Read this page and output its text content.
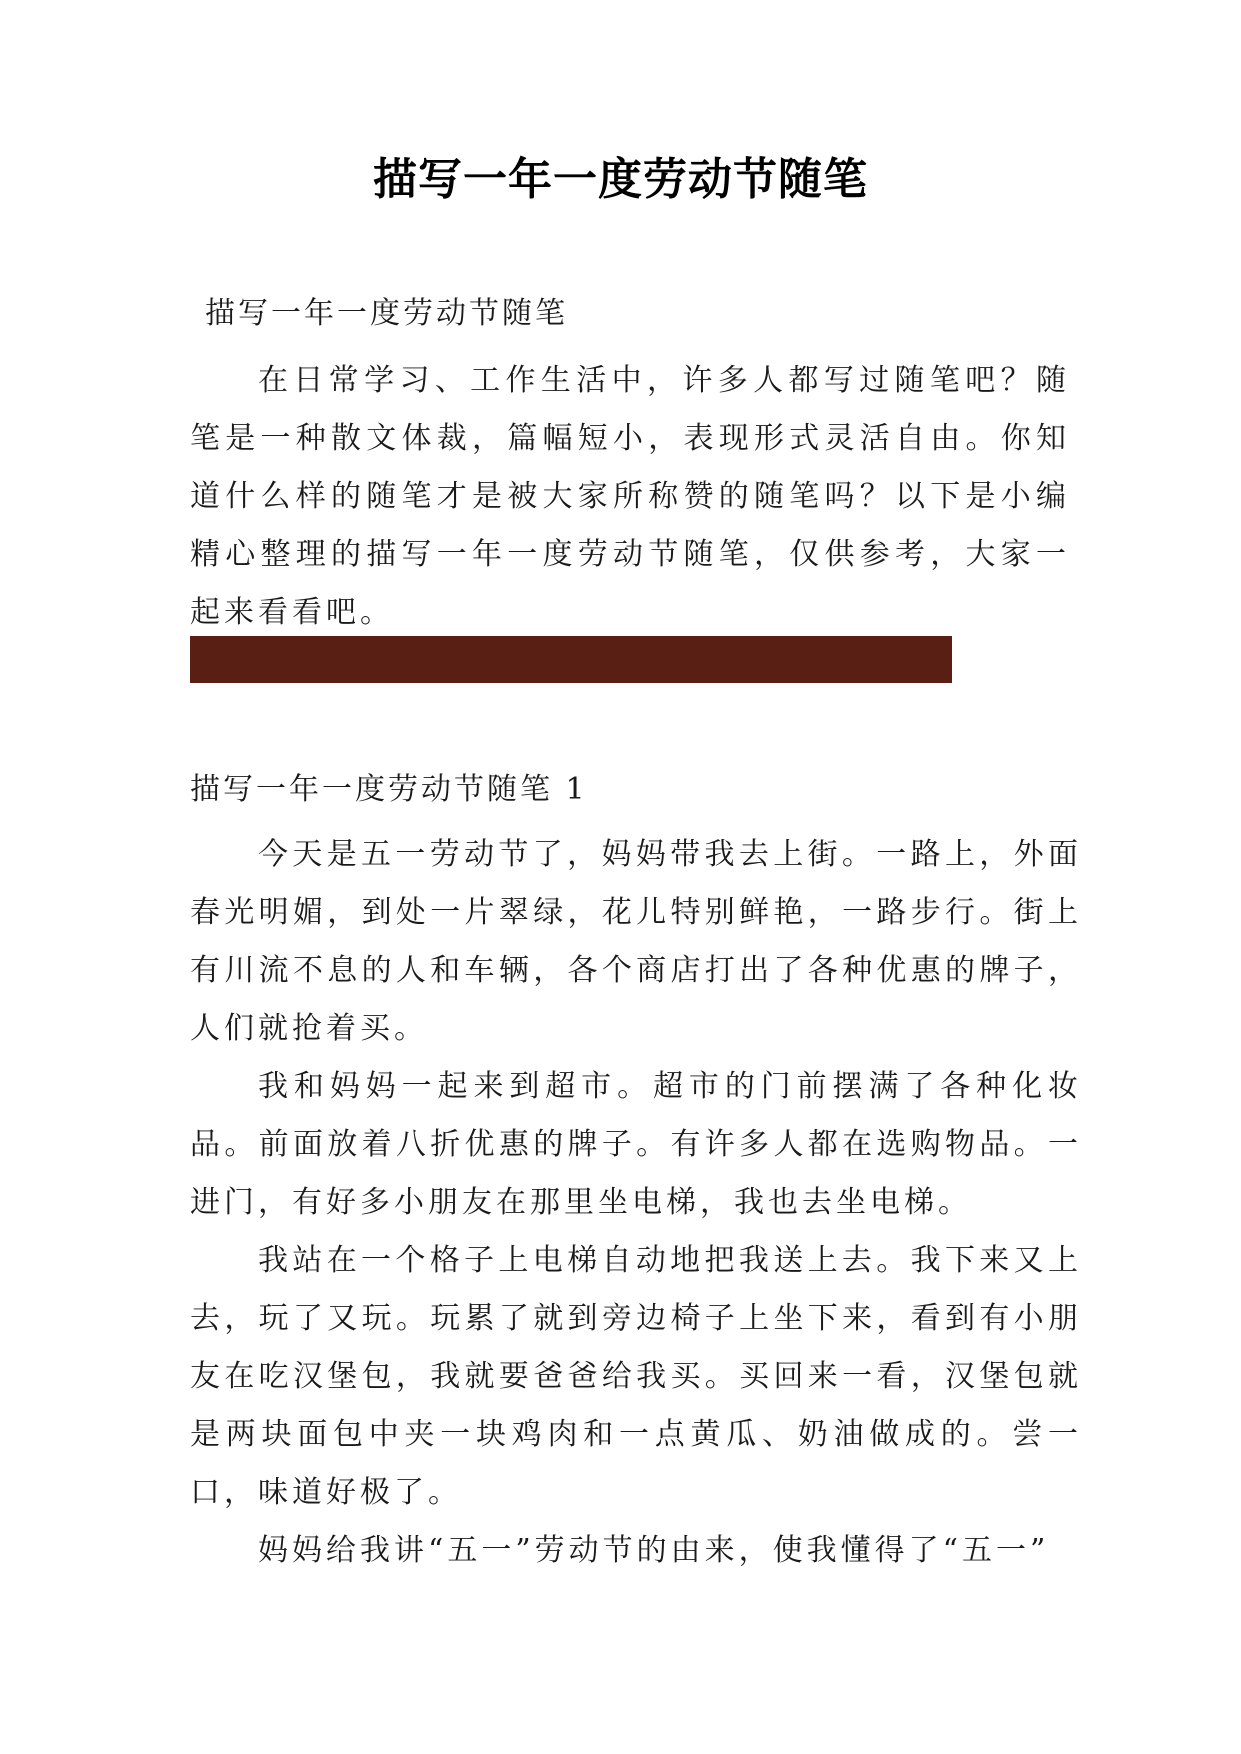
描写一年一度劳动节随笔

描写一年一度劳动节随笔

在日常学习、工作生活中，许多人都写过随笔吧？随笔是一种散文体裁，篇幅短小，表现形式灵活自由。你知道什么样的随笔才是被大家所称赞的随笔吗？以下是小编精心整理的描写一年一度劳动节随笔，仅供参考，大家一起来看看吧。

描写一年一度劳动节随笔 1

今天是五一劳动节了，妈妈带我去上街。一路上，外面春光明媚，到处一片翠绿，花儿特别鲜艳，一路步行。街上有川流不息的人和车辆，各个商店打出了各种优惠的牌子，人们就抢着买。

我和妈妈一起来到超市。超市的门前摆满了各种化妆品。前面放着八折优惠的牌子。有许多人都在选购物品。一进门，有好多小朋友在那里坐电梯，我也去坐电梯。

我站在一个格子上电梯自动地把我送上去。我下来又上去，玩了又玩。玩累了就到旁边椅子上坐下来，看到有小朋友在吃汉堡包，我就要爸爸给我买。买回来一看，汉堡包就是两块面包中夹一块鸡肉和一点黄瓜、奶油做成的。尝一口，味道好极了。

妈妈给我讲“五一”劳动节的由来，使我懂得了“五一”
